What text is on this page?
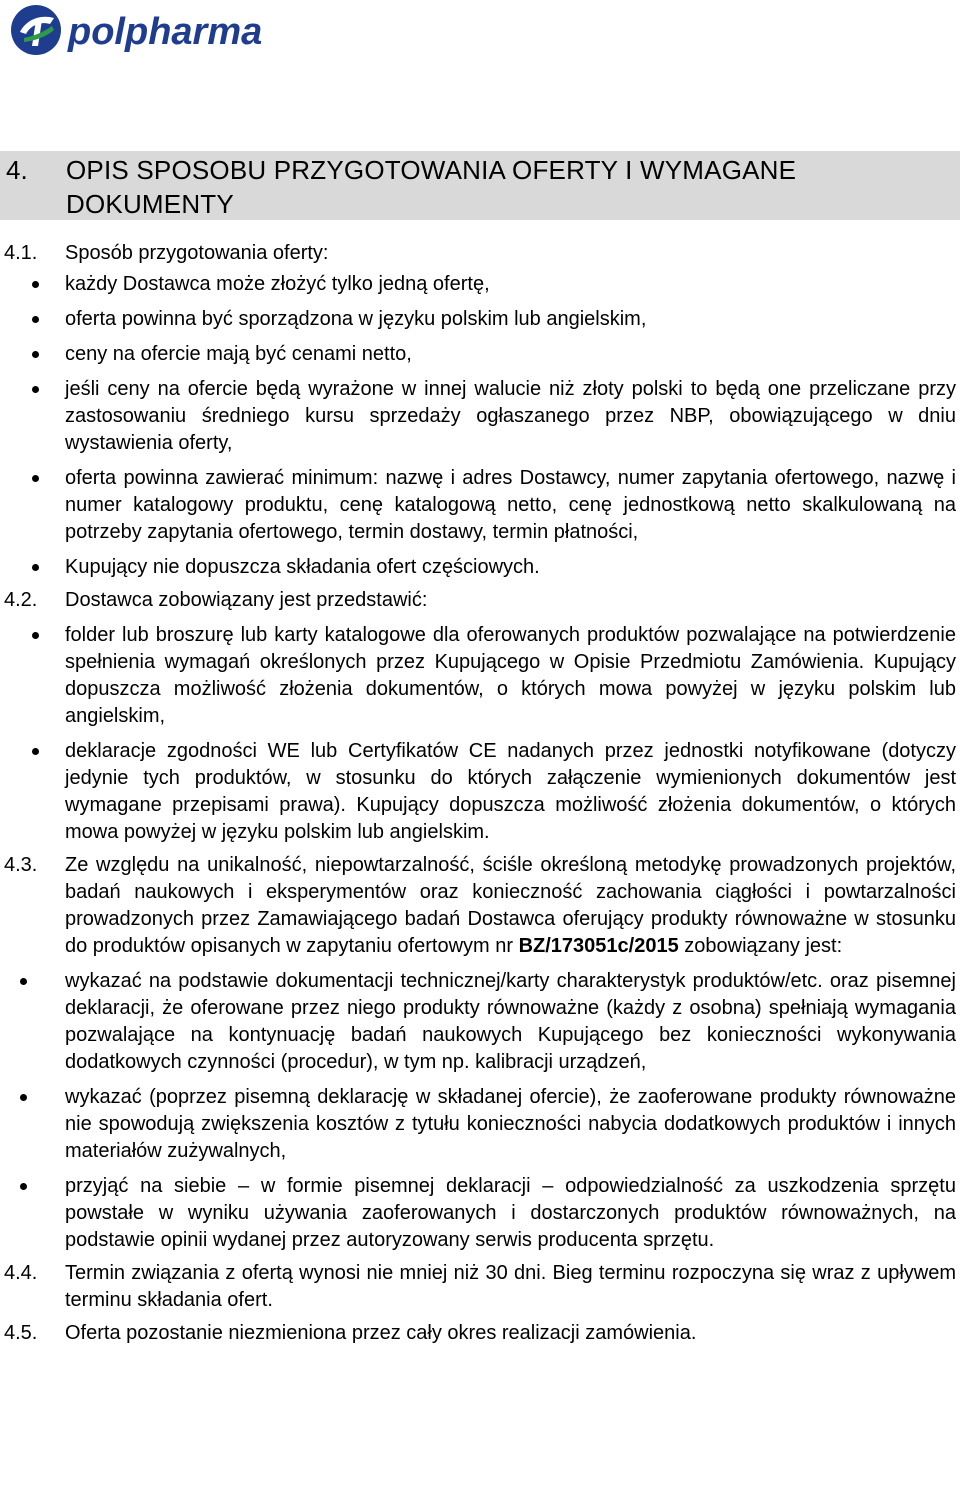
polpharma
4. OPIS SPOSOBU PRZYGOTOWANIA OFERTY I WYMAGANE DOKUMENTY
4.1. Sposób przygotowania oferty:

każdy Dostawca może złożyć tylko jedną ofertę,

oferta powinna być sporządzona w języku polskim lub angielskim,

ceny na ofercie mają być cenami netto,

jeśli ceny na ofercie będą wyrażone w innej walucie niż złoty polski to będą one przeliczane przy zastosowaniu średniego kursu sprzedaży ogłaszanego przez NBP, obowiązującego w dniu wystawienia oferty,

oferta powinna zawierać minimum: nazwę i adres Dostawcy, numer zapytania ofertowego, nazwę i numer katalogowy produktu, cenę katalogową netto, cenę jednostkową netto skalkulowaną na potrzeby zapytania ofertowego, termin dostawy, termin płatności,

Kupujący nie dopuszcza składania ofert częściowych.

4.2. Dostawca zobowiązany jest przedstawić:

folder lub broszurę lub karty katalogowe dla oferowanych produktów pozwalające na potwierdzenie spełnienia wymagań określonych przez Kupującego w Opisie Przedmiotu Zamówienia. Kupujący dopuszcza możliwość złożenia dokumentów, o których mowa powyżej w języku polskim lub angielskim,

deklaracje zgodności WE lub Certyfikatów CE nadanych przez jednostki notyfikowane (dotyczy jedynie tych produktów, w stosunku do których załączenie wymienionych dokumentów jest wymagane przepisami prawa). Kupujący dopuszcza możliwość złożenia dokumentów, o których mowa powyżej w języku polskim lub angielskim.

4.3. Ze względu na unikalność, niepowtarzalność, ściśle określoną metodykę prowadzonych projektów, badań naukowych i eksperymentów oraz konieczność zachowania ciągłości i powtarzalności prowadzonych przez Zamawiającego badań Dostawca oferujący produkty równoważne w stosunku do produktów opisanych w zapytaniu ofertowym nr BZ/173051c/2015 zobowiązany jest:

wykazać na podstawie dokumentacji technicznej/karty charakterystyk produktów/etc. oraz pisemnej deklaracji, że oferowane przez niego produkty równoważne (każdy z osobna) spełniają wymagania pozwalające na kontynuację badań naukowych Kupującego bez konieczności wykonywania dodatkowych czynności (procedur), w tym np. kalibracji urządzeń,

wykazać (poprzez pisemną deklarację w składanej ofercie), że zaoferowane produkty równoważne nie spowodują zwiększenia kosztów z tytułu konieczności nabycia dodatkowych produktów i innych materiałów zużywalnych,

przyjąć na siebie – w formie pisemnej deklaracji – odpowiedzialność za uszkodzenia sprzętu powstałe w wyniku używania zaoferowanych i dostarczonych produktów równoważnych, na podstawie opinii wydanej przez autoryzowany serwis producenta sprzętu.

4.4. Termin związania z ofertą wynosi nie mniej niż 30 dni. Bieg terminu rozpoczyna się wraz z upływem terminu składania ofert.

4.5. Oferta pozostanie niezmieniona przez cały okres realizacji zamówienia.
